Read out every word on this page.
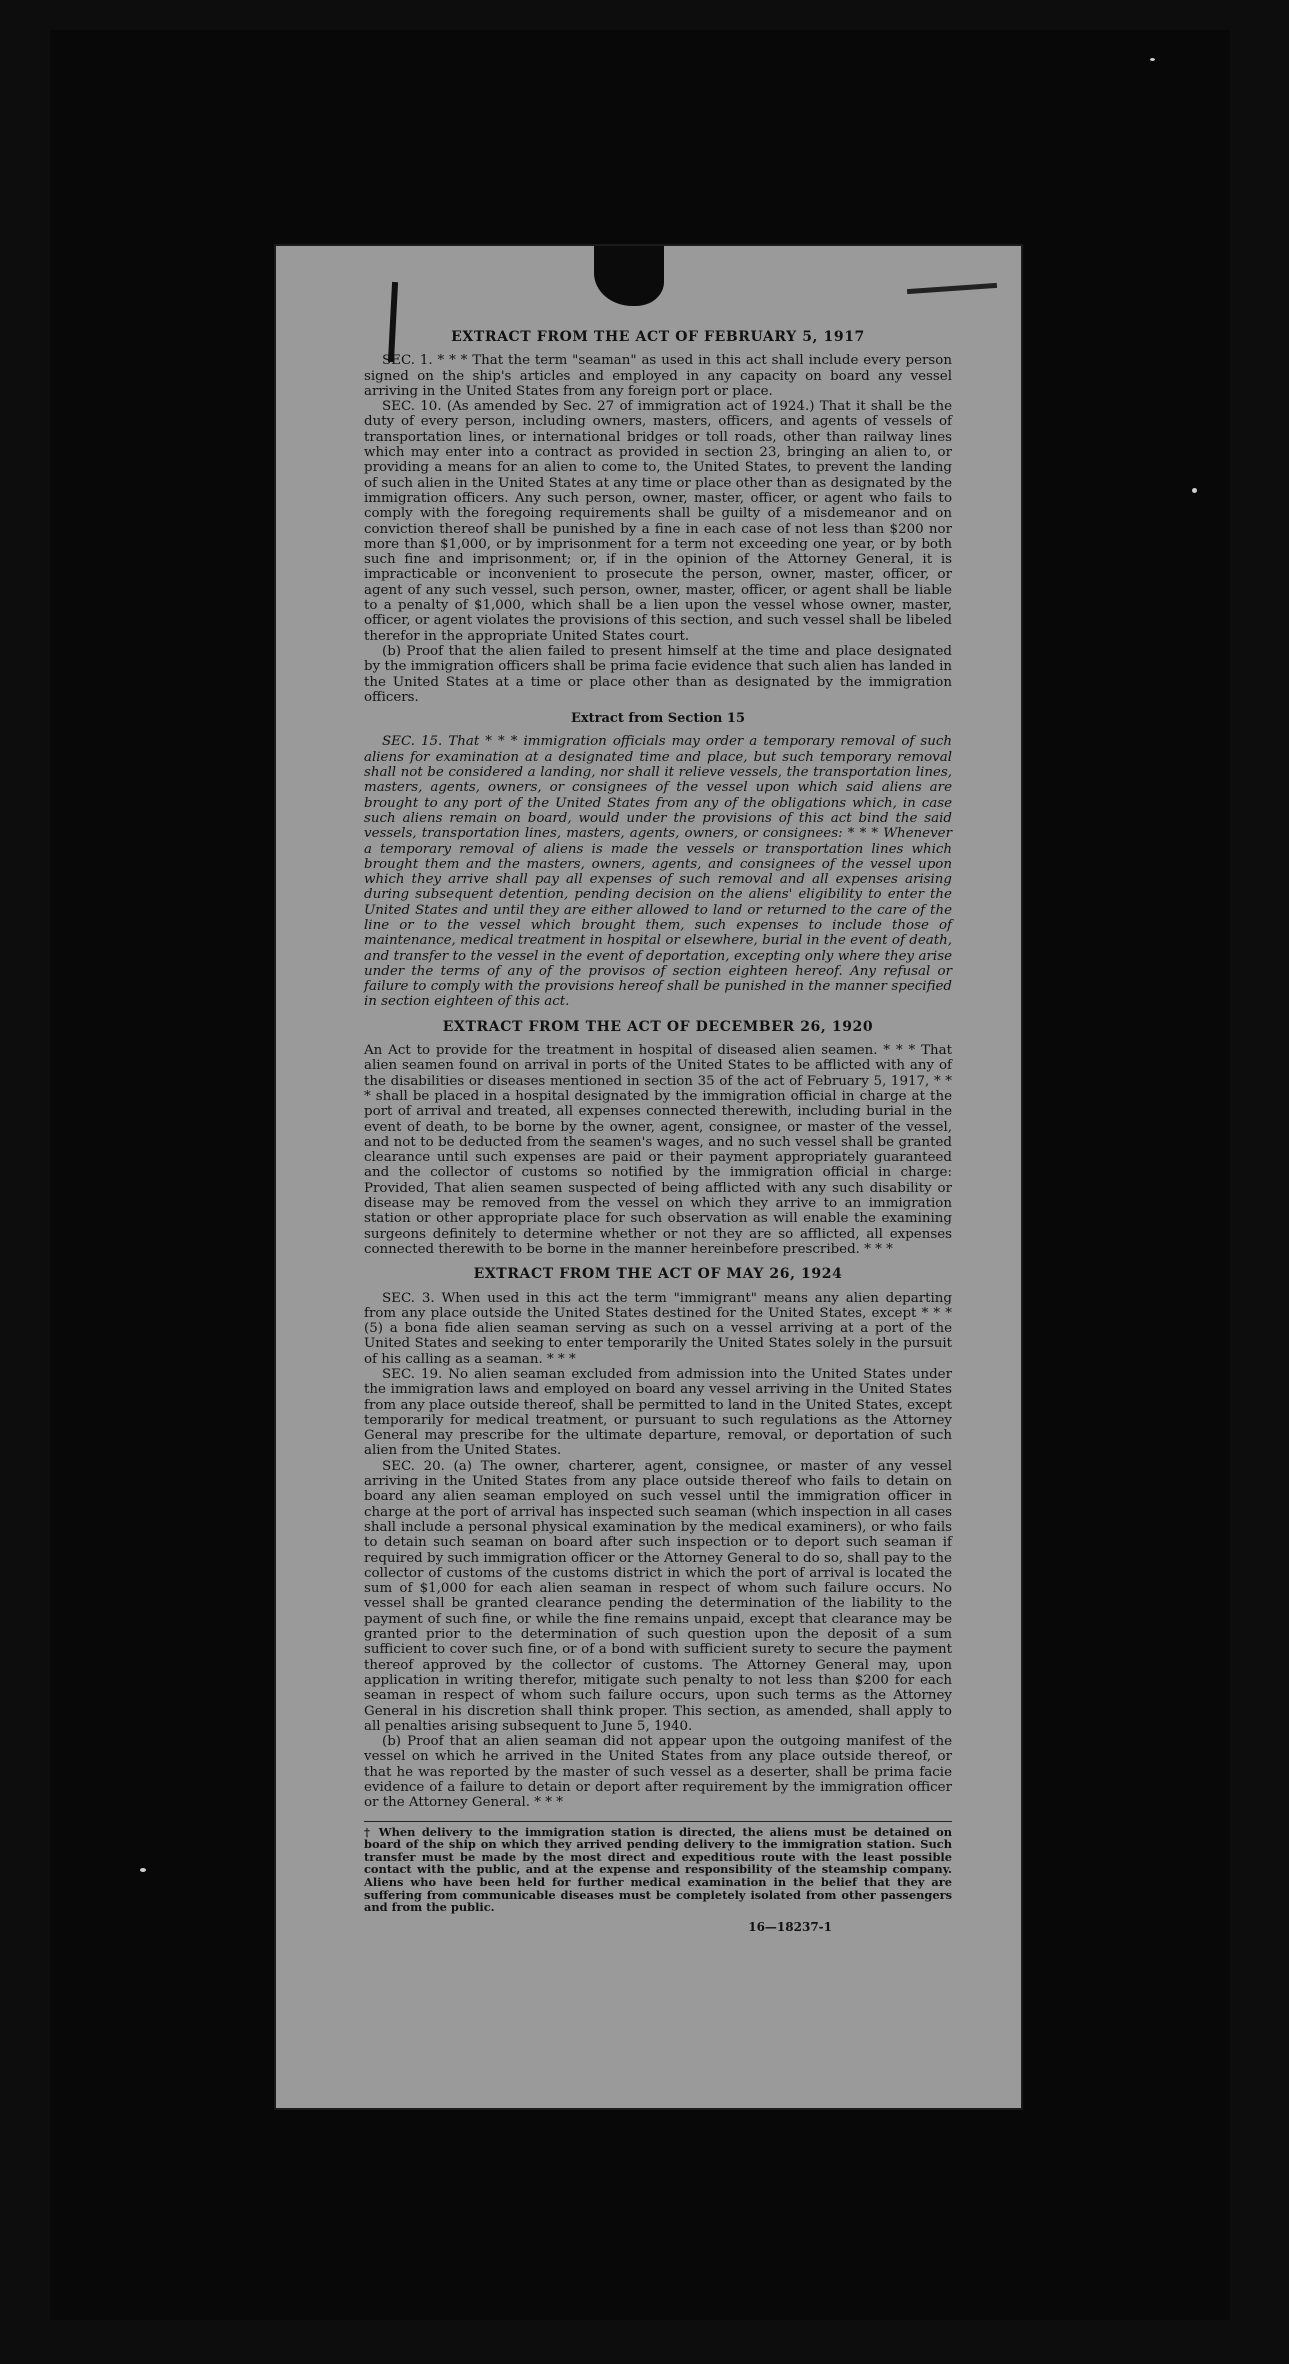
EXTRACT FROM THE ACT OF FEBRUARY 5, 1917

SEC. 1. * * * That the term "seaman" as used in this act shall include every person signed on the ship's articles and employed in any capacity on board any vessel arriving in the United States from any foreign port or place.

SEC. 10. (As amended by Sec. 27 of immigration act of 1924.) That it shall be the duty of every person, including owners, masters, officers, and agents of vessels of transportation lines, or international bridges or toll roads, other than railway lines which may enter into a contract as provided in section 23, bringing an alien to, or providing a means for an alien to come to, the United States, to prevent the landing of such alien in the United States at any time or place other than as designated by the immigration officers. Any such person, owner, master, officer, or agent who fails to comply with the foregoing requirements shall be guilty of a misdemeanor and on conviction thereof shall be punished by a fine in each case of not less than $200 nor more than $1,000, or by imprisonment for a term not exceeding one year, or by both such fine and imprisonment; or, if in the opinion of the Attorney General, it is impracticable or inconvenient to prosecute the person, owner, master, officer, or agent of any such vessel, such person, owner, master, officer, or agent shall be liable to a penalty of $1,000, which shall be a lien upon the vessel whose owner, master, officer, or agent violates the provisions of this section, and such vessel shall be libeled therefor in the appropriate United States court.

(b) Proof that the alien failed to present himself at the time and place designated by the immigration officers shall be prima facie evidence that such alien has landed in the United States at a time or place other than as designated by the immigration officers.

Extract from Section 15

SEC. 15. That * * * immigration officials may order a temporary removal of such aliens for examination at a designated time and place, but such temporary removal shall not be considered a landing, nor shall it relieve vessels, the transportation lines, masters, agents, owners, or consignees of the vessel upon which said aliens are brought to any port of the United States from any of the obligations which, in case such aliens remain on board, would under the provisions of this act bind the said vessels, transportation lines, masters, agents, owners, or consignees: * * * Whenever a temporary removal of aliens is made the vessels or transportation lines which brought them and the masters, owners, agents, and consignees of the vessel upon which they arrive shall pay all expenses of such removal and all expenses arising during subsequent detention, pending decision on the aliens' eligibility to enter the United States and until they are either allowed to land or returned to the care of the line or to the vessel which brought them, such expenses to include those of maintenance, medical treatment in hospital or elsewhere, burial in the event of death, and transfer to the vessel in the event of deportation, excepting only where they arise under the terms of any of the provisos of section eighteen hereof. Any refusal or failure to comply with the provisions hereof shall be punished in the manner specified in section eighteen of this act.

EXTRACT FROM THE ACT OF DECEMBER 26, 1920

An Act to provide for the treatment in hospital of diseased alien seamen. * * * That alien seamen found on arrival in ports of the United States to be afflicted with any of the disabilities or diseases mentioned in section 35 of the act of February 5, 1917, * * * shall be placed in a hospital designated by the immigration official in charge at the port of arrival and treated, all expenses connected therewith, including burial in the event of death, to be borne by the owner, agent, consignee, or master of the vessel, and not to be deducted from the seamen's wages, and no such vessel shall be granted clearance until such expenses are paid or their payment appropriately guaranteed and the collector of customs so notified by the immigration official in charge: Provided, That alien seamen suspected of being afflicted with any such disability or disease may be removed from the vessel on which they arrive to an immigration station or other appropriate place for such observation as will enable the examining surgeons definitely to determine whether or not they are so afflicted, all expenses connected therewith to be borne in the manner hereinbefore prescribed. * * *

EXTRACT FROM THE ACT OF MAY 26, 1924

SEC. 3. When used in this act the term "immigrant" means any alien departing from any place outside the United States destined for the United States, except * * * (5) a bona fide alien seaman serving as such on a vessel arriving at a port of the United States and seeking to enter temporarily the United States solely in the pursuit of his calling as a seaman. * * *

SEC. 19. No alien seaman excluded from admission into the United States under the immigration laws and employed on board any vessel arriving in the United States from any place outside thereof, shall be permitted to land in the United States, except temporarily for medical treatment, or pursuant to such regulations as the Attorney General may prescribe for the ultimate departure, removal, or deportation of such alien from the United States.

SEC. 20. (a) The owner, charterer, agent, consignee, or master of any vessel arriving in the United States from any place outside thereof who fails to detain on board any alien seaman employed on such vessel until the immigration officer in charge at the port of arrival has inspected such seaman (which inspection in all cases shall include a personal physical examination by the medical examiners), or who fails to detain such seaman on board after such inspection or to deport such seaman if required by such immigration officer or the Attorney General to do so, shall pay to the collector of customs of the customs district in which the port of arrival is located the sum of $1,000 for each alien seaman in respect of whom such failure occurs. No vessel shall be granted clearance pending the determination of the liability to the payment of such fine, or while the fine remains unpaid, except that clearance may be granted prior to the determination of such question upon the deposit of a sum sufficient to cover such fine, or of a bond with sufficient surety to secure the payment thereof approved by the collector of customs. The Attorney General may, upon application in writing therefor, mitigate such penalty to not less than $200 for each seaman in respect of whom such failure occurs, upon such terms as the Attorney General in his discretion shall think proper. This section, as amended, shall apply to all penalties arising subsequent to June 5, 1940.

(b) Proof that an alien seaman did not appear upon the outgoing manifest of the vessel on which he arrived in the United States from any place outside thereof, or that he was reported by the master of such vessel as a deserter, shall be prima facie evidence of a failure to detain or deport after requirement by the immigration officer or the Attorney General. * * *

† When delivery to the immigration station is directed, the aliens must be detained on board of the ship on which they arrived pending delivery to the immigration station. Such transfer must be made by the most direct and expeditious route with the least possible contact with the public, and at the expense and responsibility of the steamship company. Aliens who have been held for further medical examination in the belief that they are suffering from communicable diseases must be completely isolated from other passengers and from the public.
16—18237-1
